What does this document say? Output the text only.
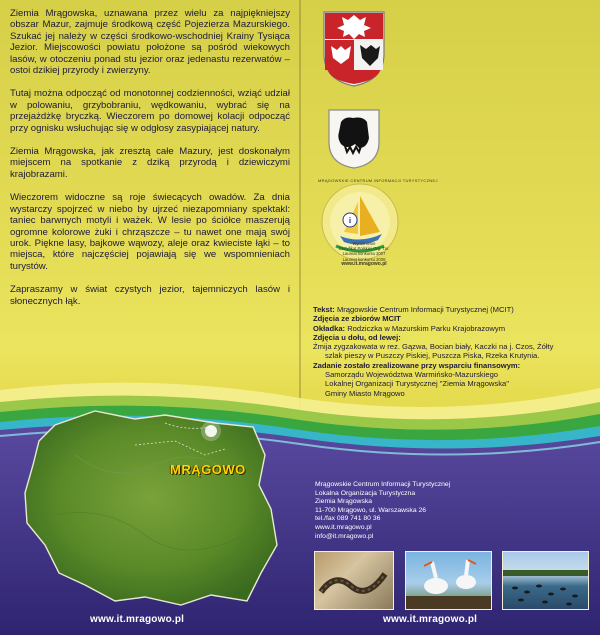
Ziemia Mrągowska, uznawana przez wielu za najpiękniejszy obszar Mazur, zajmuje środkową część Pojezierza Mazurskiego. Szukać jej należy w części środkowo-wschodniej Krainy Tysiąca Jezior. Miejscowości powiatu położone są pośród wiekowych lasów, w otoczeniu ponad stu jezior oraz jedenastu rezerwatów – ostoi dzikiej przyrody i zwierzyny.

Tutaj można odpocząć od monotonnej codzienności, wziąć udział w polowaniu, grzybobraniu, wędkowaniu, wybrać się na przejażdżkę bryczką. Wieczorem po domowej kolacji odpocząć przy ognisku wsłuchując się w odgłosy zasypiającej natury.

Ziemia Mrągowska, jak zresztą całe Mazury, jest doskonałym miejscem na spotkanie z dziką przyrodą i dziewiczymi krajobrazami.

Wieczorem widoczne są roje świecących owadów. Za dnia wystarczy spojrzeć w niebo by ujrzeć niezapomniany spektakl: taniec barwnych motyli i ważek. W lesie po ściółce maszerują ogromne kolorowe żuki i chrząszcze – tu nawet one mają swój urok. Piękne lasy, bajkowe wąwozy, aleje oraz kwieciste łąki – to miejsca, które najczęściej pojawiają się we wspomnieniach turystów.

Zapraszamy w świat czystych jezior, tajemniczych lasów i słonecznych łąk.

i
MRĄGOWSKIE CENTRUM INFORMACJI TURYSTYCZNEJ
Wyróżnienie
Certyfikat Polskiej Org. Tur.
Laureat konkursu 2007
Laureat konkursu 2008
www.it.mragowo.pl
Tekst: Mrągowskie Centrum Informacji Turystycznej (MCIT)
Zdjęcia ze zbiorów MCIT
Okładka: Rodziczka w Mazurskim Parku Krajobrazowym
Zdjęcia u dołu, od lewej:
Żmija zygzakowata w rez. Gązwa, Bocian biały, Kaczki na j. Czos, Żółty
szlak pieszy w Puszczy Piskiej, Puszcza Piska, Rzeka Krutynia.
Zadanie zostało zrealizowane przy wsparciu finansowym:
Samorządu Województwa Warmińsko-Mazurskiego
Lokalnej Organizacji Turystycznej "Ziemia Mrągowska"
Gminy Miasto Mrągowo
MRĄGOWO
www.it.mragowo.pl
Mrągowskie Centrum Informacji Turystycznej
Lokalna Organizacja Turystyczna
Ziemia Mrągowska
11-700 Mrągowo, ul. Warszawska 26
tel./fax 089 741 80 36
www.it.mragowo.pl
info@it.mragowo.pl
www.it.mragowo.pl
